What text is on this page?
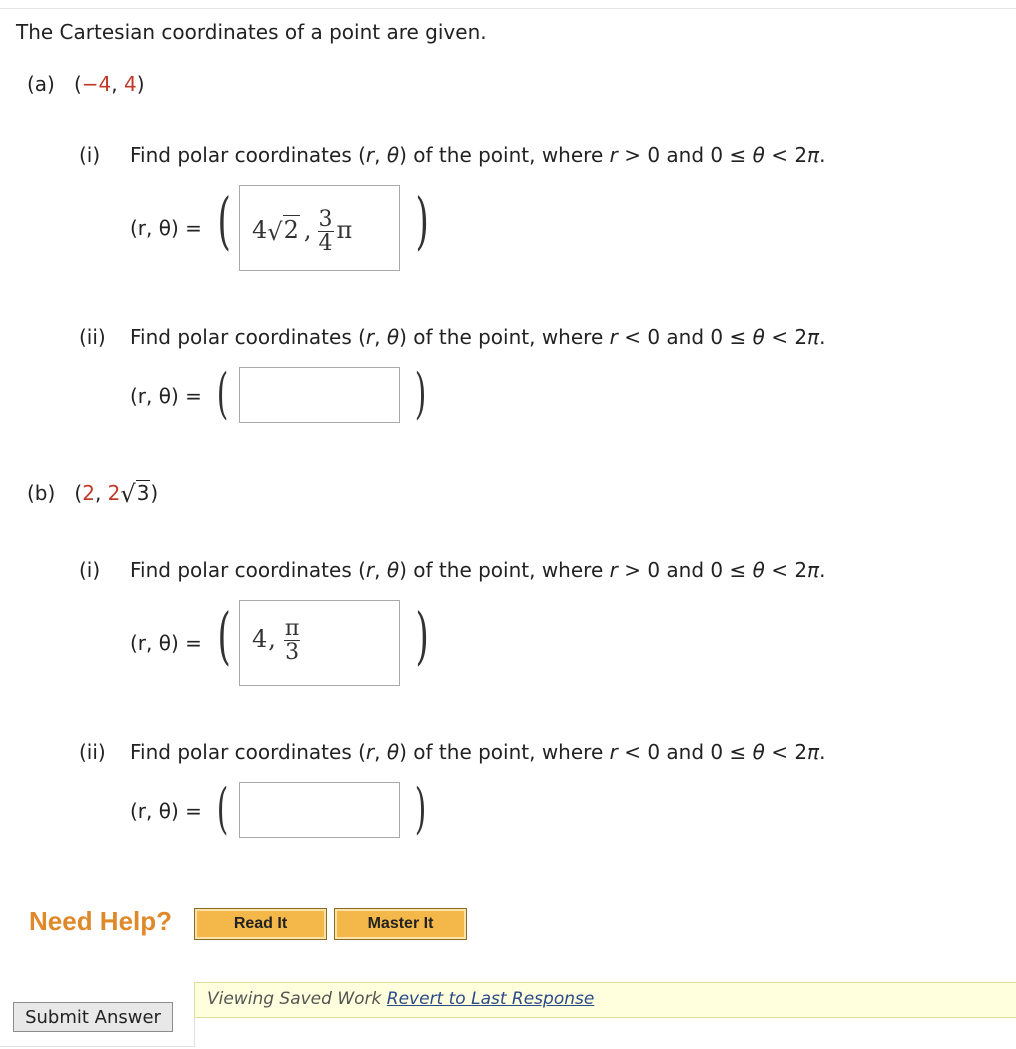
The Cartesian coordinates of a point are given.
(a) (−4, 4)
(i) Find polar coordinates (r, θ) of the point, where r > 0 and 0 ≤ θ < 2π.
(r, θ) = ( 4√2 , $\frac{3}{4}$ π )
(ii) Find polar coordinates (r, θ) of the point, where r < 0 and 0 ≤ θ < 2π.
(r, θ) = (	)
(b) (2, 2√3)
(i) Find polar coordinates (r, θ) of the point, where r > 0 and 0 ≤ θ < 2π.
(r, θ) = ( 4, $\frac{\pi}{3}$ )
(ii) Find polar coordinates (r, θ) of the point, where r < 0 and 0 ≤ θ < 2π.
(r, θ) = (	)
Need Help?	Read It	Master It
Viewing Saved Work Revert to Last Response
Submit Answer
